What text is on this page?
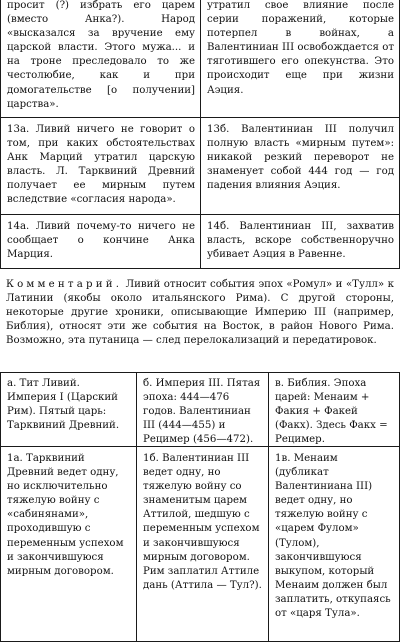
просит (?) избрать его царем (вместо Анка?). Народ «высказался за вручение ему царской власти. Этого мужа... и на троне преследовало то же честолюбие, как и при домогательстве [о получении] царства».
утратил свое влияние после серии поражений, которые потерпел в войнах, а Валентиниан III освобождается от тяготившего его опекунства. Это происходит еще при жизни Аэция.
13а. Ливий ничего не говорит о том, при каких обстоятельствах Анк Марций утратил царскую власть. Л. Тарквиний Древний получает ее мирным путем вследствие «согласия народа».
13б. Валентиниан III получил полную власть «мирным путем»: никакой резкий переворот не знаменует собой 444 год — год падения влияния Аэция.
14а. Ливий почему-то ничего не сообщает о кончине Анка Марция.
14б. Валентиниан III, захватив власть, вскоре собственноручно убивает Аэция в Равенне.
Комментарий. Ливий относит события эпох «Ромул» и «Тулл» к Латинии (якобы около итальянского Рима). С другой стороны, некоторые другие хроники, описывающие Империю III (например, Библия), относят эти же события на Восток, в район Нового Рима. Возможно, эта путаница — след перелокализаций и передатировок.
а. Тит Ливий. Империя I (Царский Рим). Пятый царь: Тарквиний Древний.
б. Империя III. Пятая эпоха: 444—476 годов. Валентиниан III (444—455) и Рецимер (456—472).
в. Библия. Эпоха царей: Менаим + Факия + Факей (Факх). Здесь Факх = Рецимер.
1а. Тарквиний Древний ведет одну, но исключительно тяжелую войну с «сабинянами», проходившую с переменным успехом и закончившуюся мирным договором.
1б. Валентиниан III ведет одну, но тяжелую войну со знаменитым царем Аттилой, шедшую с переменным успехом и закончившуюся мирным договором. Рим заплатил Аттиле дань (Аттила — Тул?).
1в. Менаим (дубликат Валентиниана III) ведет одну, но тяжелую войну с «царем Фулом» (Тулом), закончившуюся выкупом, который Менаим должен был заплатить, откупаясь от «царя Тула».
